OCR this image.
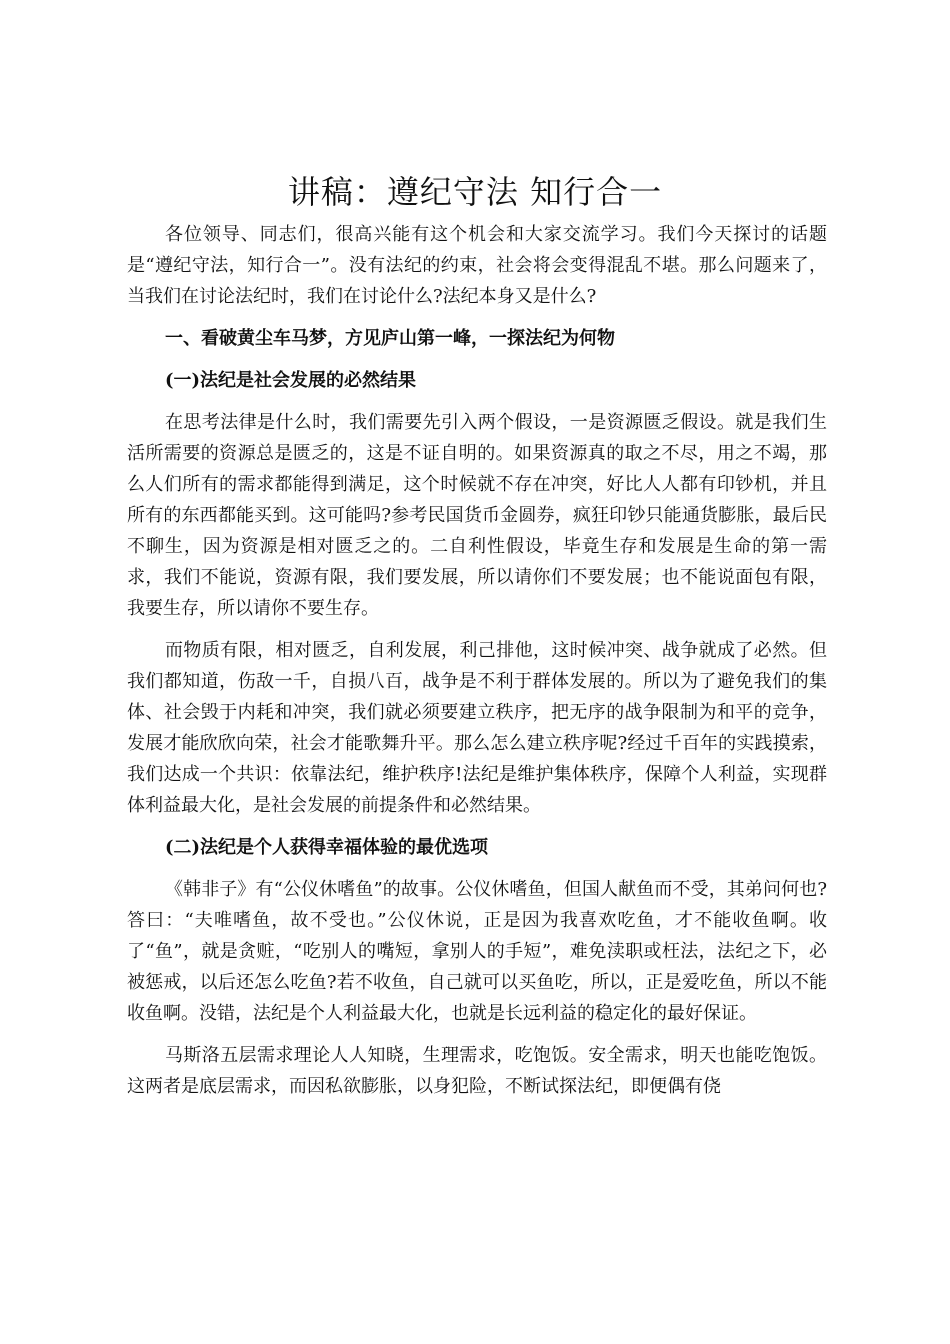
讲稿：遵纪守法 知行合一

各位领导、同志们，很高兴能有这个机会和大家交流学习。我们今天探讨的话题是“遵纪守法，知行合一”。没有法纪的约束，社会将会变得混乱不堪。那么问题来了，当我们在讨论法纪时，我们在讨论什么?法纪本身又是什么?

一、看破黄尘车马梦，方见庐山第一峰，一探法纪为何物

(一)法纪是社会发展的必然结果

在思考法律是什么时，我们需要先引入两个假设，一是资源匮乏假设。就是我们生活所需要的资源总是匮乏的，这是不证自明的。如果资源真的取之不尽，用之不竭，那么人们所有的需求都能得到满足，这个时候就不存在冲突，好比人人都有印钞机，并且所有的东西都能买到。这可能吗?参考民国货币金圆券，疯狂印钞只能通货膨胀，最后民不聊生，因为资源是相对匮乏之的。二自利性假设，毕竟生存和发展是生命的第一需求，我们不能说，资源有限，我们要发展，所以请你们不要发展；也不能说面包有限，我要生存，所以请你不要生存。

而物质有限，相对匮乏，自利发展，利己排他，这时候冲突、战争就成了必然。但我们都知道，伤敌一千，自损八百，战争是不利于群体发展的。所以为了避免我们的集体、社会毁于内耗和冲突，我们就必须要建立秩序，把无序的战争限制为和平的竞争，发展才能欣欣向荣，社会才能歌舞升平。那么怎么建立秩序呢?经过千百年的实践摸索，我们达成一个共识：依靠法纪，维护秩序!法纪是维护集体秩序，保障个人利益，实现群体利益最大化，是社会发展的前提条件和必然结果。

(二)法纪是个人获得幸福体验的最优选项

《韩非子》有“公仪休嗜鱼”的故事。公仪休嗜鱼，但国人献鱼而不受，其弟问何也?答曰：“夫唯嗜鱼，故不受也。”公仪休说，正是因为我喜欢吃鱼，才不能收鱼啊。收了“鱼”，就是贪赃，“吃别人的嘴短，拿别人的手短”，难免渎职或枉法，法纪之下，必被惩戒，以后还怎么吃鱼?若不收鱼，自己就可以买鱼吃，所以，正是爱吃鱼，所以不能收鱼啊。没错，法纪是个人利益最大化，也就是长远利益的稳定化的最好保证。

马斯洛五层需求理论人人知晓，生理需求，吃饱饭。安全需求，明天也能吃饱饭。这两者是底层需求，而因私欲膨胀，以身犯险，不断试探法纪，即便偶有侥
